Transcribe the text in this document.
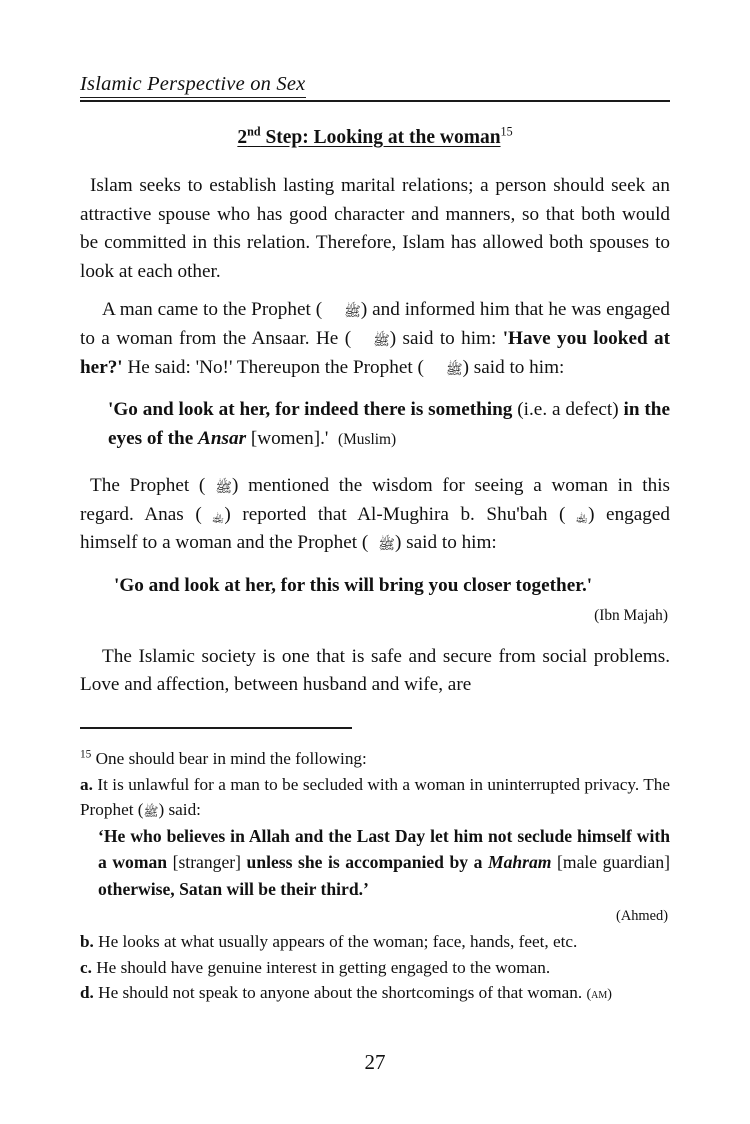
Islamic Perspective on Sex
2nd Step: Looking at the woman$^{15}$

Islam seeks to establish lasting marital relations; a person should seek an attractive spouse who has good character and manners, so that both would be committed in this relation. Therefore, Islam has allowed both spouses to look at each other.

A man came to the Prophet ( ﷺ) and informed him that he was engaged to a woman from the Ansaar. He ( ﷺ) said to him: 'Have you looked at her?' He said: 'No!' Thereupon the Prophet ( ﷺ) said to him:

'Go and look at her, for indeed there is something (i.e. a defect) in the eyes of the Ansar [women].' (Muslim)

The Prophet ( ﷺ) mentioned the wisdom for seeing a woman in this regard. Anas ( ﵀) reported that Al-Mughira b. Shu'bah ( ﵀) engaged himself to a woman and the Prophet ( ﷺ) said to him:

'Go and look at her, for this will bring you closer together.'
(Ibn Majah)

The Islamic society is one that is safe and secure from social problems. Love and affection, between husband and wife, are

$^{15}$ One should bear in mind the following:

a. It is unlawful for a man to be secluded with a woman in uninterrupted privacy. The Prophet (ﷺ) said:

‘He who believes in Allah and the Last Day let him not seclude himself with a woman [stranger] unless she is accompanied by a Mahram [male guardian] otherwise, Satan will be their third.’
(Ahmed)

b. He looks at what usually appears of the woman; face, hands, feet, etc.

c. He should have genuine interest in getting engaged to the woman.

d. He should not speak to anyone about the shortcomings of that woman. (am)

27
